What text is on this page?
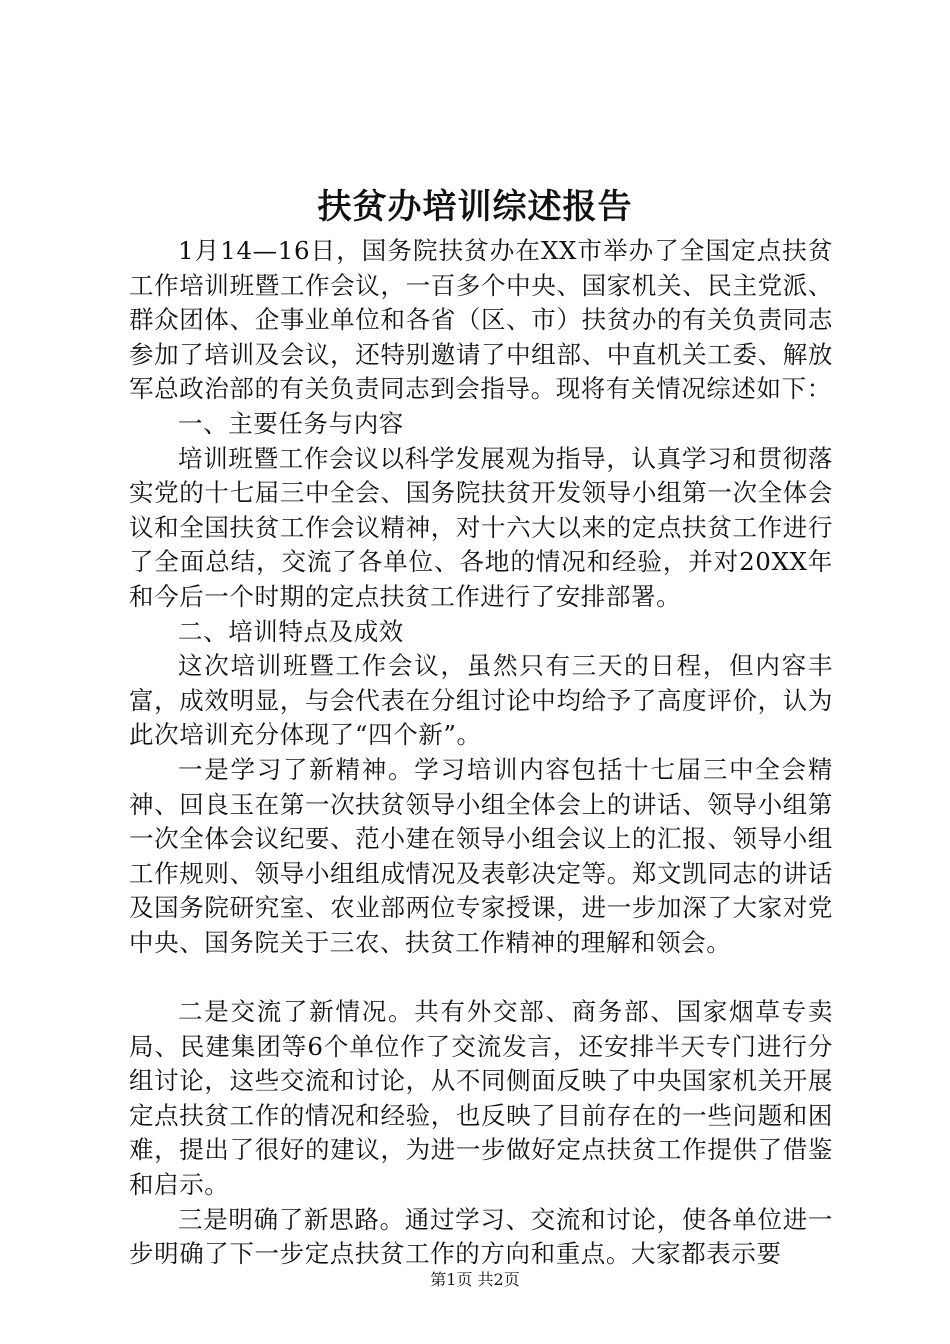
扶贫办培训综述报告

1月14—16日，国务院扶贫办在XX市举办了全国定点扶贫工作培训班暨工作会议，一百多个中央、国家机关、民主党派、群众团体、企事业单位和各省（区、市）扶贫办的有关负责同志参加了培训及会议，还特别邀请了中组部、中直机关工委、解放军总政治部的有关负责同志到会指导。现将有关情况综述如下：

一、主要任务与内容

培训班暨工作会议以科学发展观为指导，认真学习和贯彻落实党的十七届三中全会、国务院扶贫开发领导小组第一次全体会议和全国扶贫工作会议精神，对十六大以来的定点扶贫工作进行了全面总结，交流了各单位、各地的情况和经验，并对20XX年和今后一个时期的定点扶贫工作进行了安排部署。

二、培训特点及成效

这次培训班暨工作会议，虽然只有三天的日程，但内容丰富，成效明显，与会代表在分组讨论中均给予了高度评价，认为此次培训充分体现了“四个新”。

一是学习了新精神。学习培训内容包括十七届三中全会精神、回良玉在第一次扶贫领导小组全体会上的讲话、领导小组第一次全体会议纪要、范小建在领导小组会议上的汇报、领导小组工作规则、领导小组组成情况及表彰决定等。郑文凯同志的讲话及国务院研究室、农业部两位专家授课，进一步加深了大家对党中央、国务院关于三农、扶贫工作精神的理解和领会。

二是交流了新情况。共有外交部、商务部、国家烟草专卖局、民建集团等6个单位作了交流发言，还安排半天专门进行分组讨论，这些交流和讨论，从不同侧面反映了中央国家机关开展定点扶贫工作的情况和经验，也反映了目前存在的一些问题和困难，提出了很好的建议，为进一步做好定点扶贫工作提供了借鉴和启示。

三是明确了新思路。通过学习、交流和讨论，使各单位进一步明确了下一步定点扶贫工作的方向和重点。大家都表示要

第1页 共2页
